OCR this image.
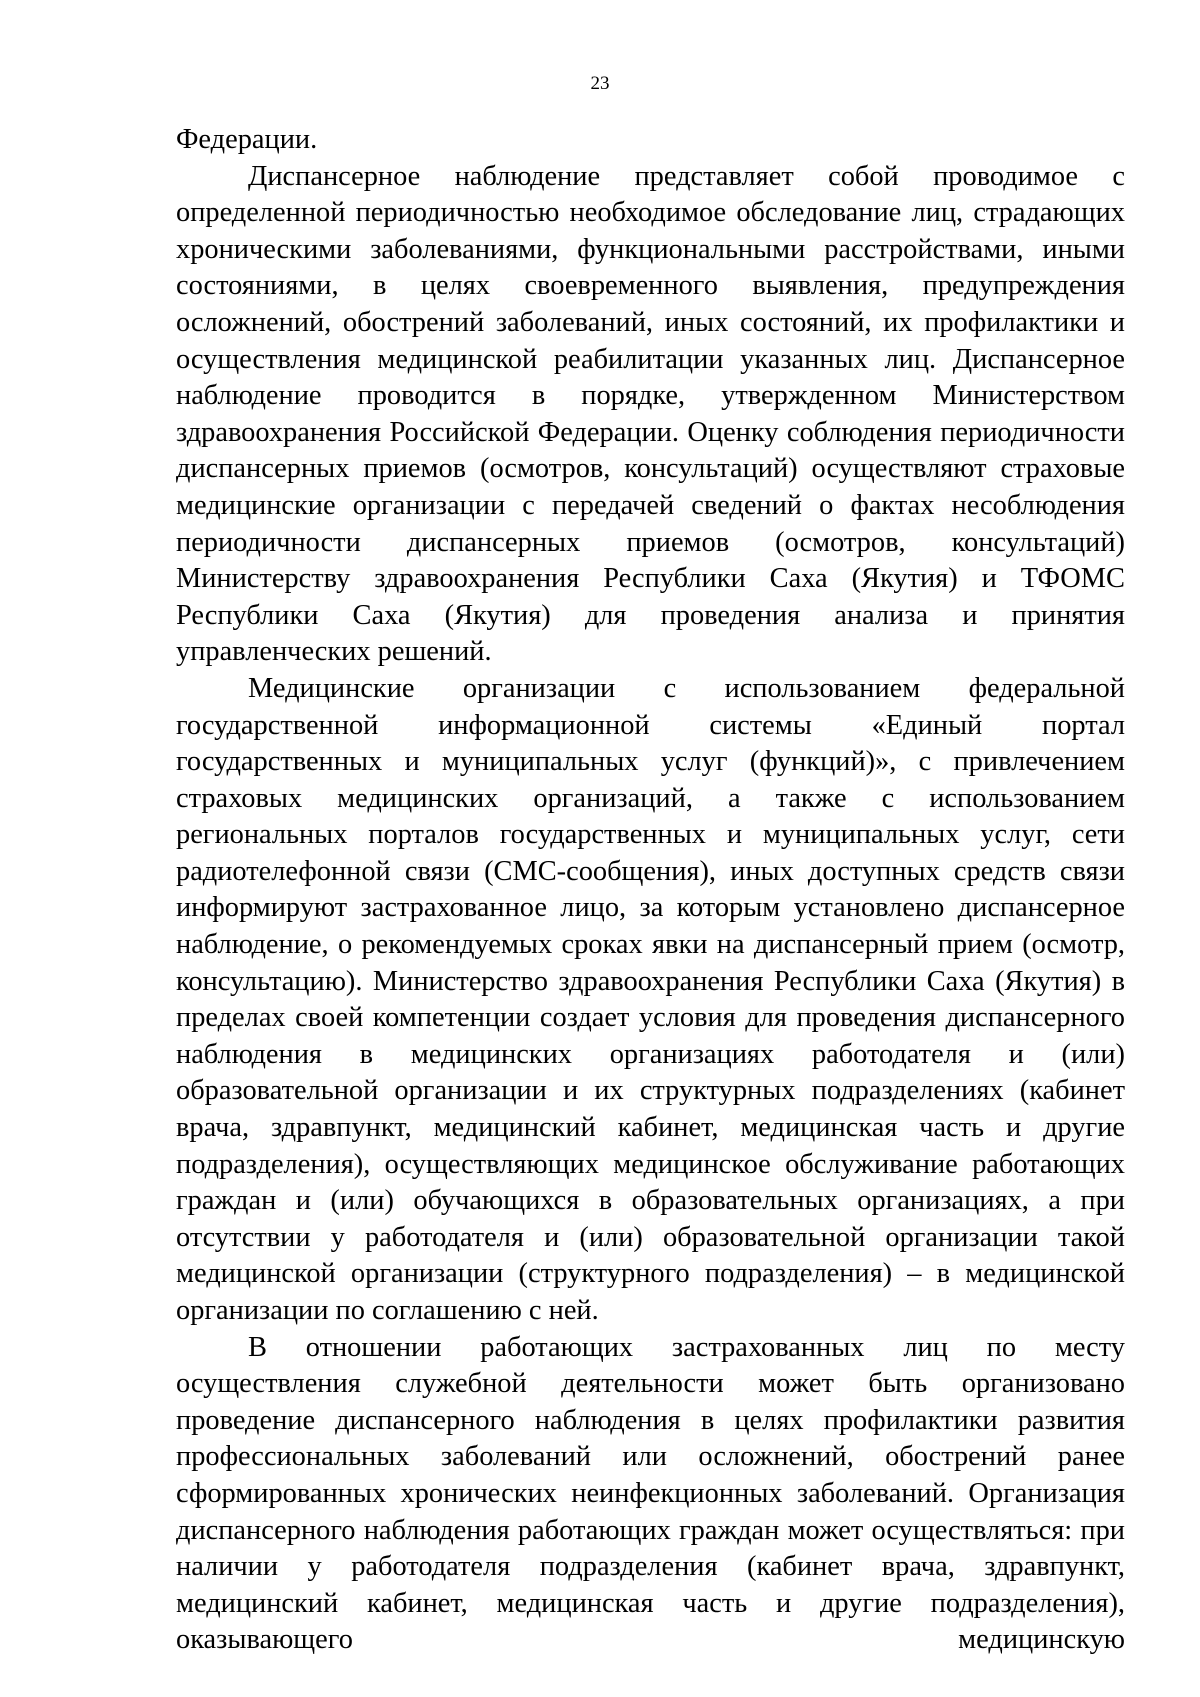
23

Федерации.

Диспансерное наблюдение представляет собой проводимое с определенной периодичностью необходимое обследование лиц, страдающих хроническими заболеваниями, функциональными расстройствами, иными состояниями, в целях своевременного выявления, предупреждения осложнений, обострений заболеваний, иных состояний, их профилактики и осуществления медицинской реабилитации указанных лиц. Диспансерное наблюдение проводится в порядке, утвержденном Министерством здравоохранения Российской Федерации. Оценку соблюдения периодичности диспансерных приемов (осмотров, консультаций) осуществляют страховые медицинские организации с передачей сведений о фактах несоблюдения периодичности диспансерных приемов (осмотров, консультаций) Министерству здравоохранения Республики Саха (Якутия) и ТФОМС Республики Саха (Якутия) для проведения анализа и принятия управленческих решений.

Медицинские организации с использованием федеральной государственной информационной системы «Единый портал государственных и муниципальных услуг (функций)», с привлечением страховых медицинских организаций, а также с использованием региональных порталов государственных и муниципальных услуг, сети радиотелефонной связи (СМС-сообщения), иных доступных средств связи информируют застрахованное лицо, за которым установлено диспансерное наблюдение, о рекомендуемых сроках явки на диспансерный прием (осмотр, консультацию). Министерство здравоохранения Республики Саха (Якутия) в пределах своей компетенции создает условия для проведения диспансерного наблюдения в медицинских организациях работодателя и (или) образовательной организации и их структурных подразделениях (кабинет врача, здравпункт, медицинский кабинет, медицинская часть и другие подразделения), осуществляющих медицинское обслуживание работающих граждан и (или) обучающихся в образовательных организациях, а при отсутствии у работодателя и (или) образовательной организации такой медицинской организации (структурного подразделения) – в медицинской организации по соглашению с ней.

В отношении работающих застрахованных лиц по месту осуществления служебной деятельности может быть организовано проведение диспансерного наблюдения в целях профилактики развития профессиональных заболеваний или осложнений, обострений ранее сформированных хронических неинфекционных заболеваний. Организация диспансерного наблюдения работающих граждан может осуществляться: при наличии у работодателя подразделения (кабинет врача, здравпункт, медицинский кабинет, медицинская часть и другие подразделения), оказывающего медицинскую
